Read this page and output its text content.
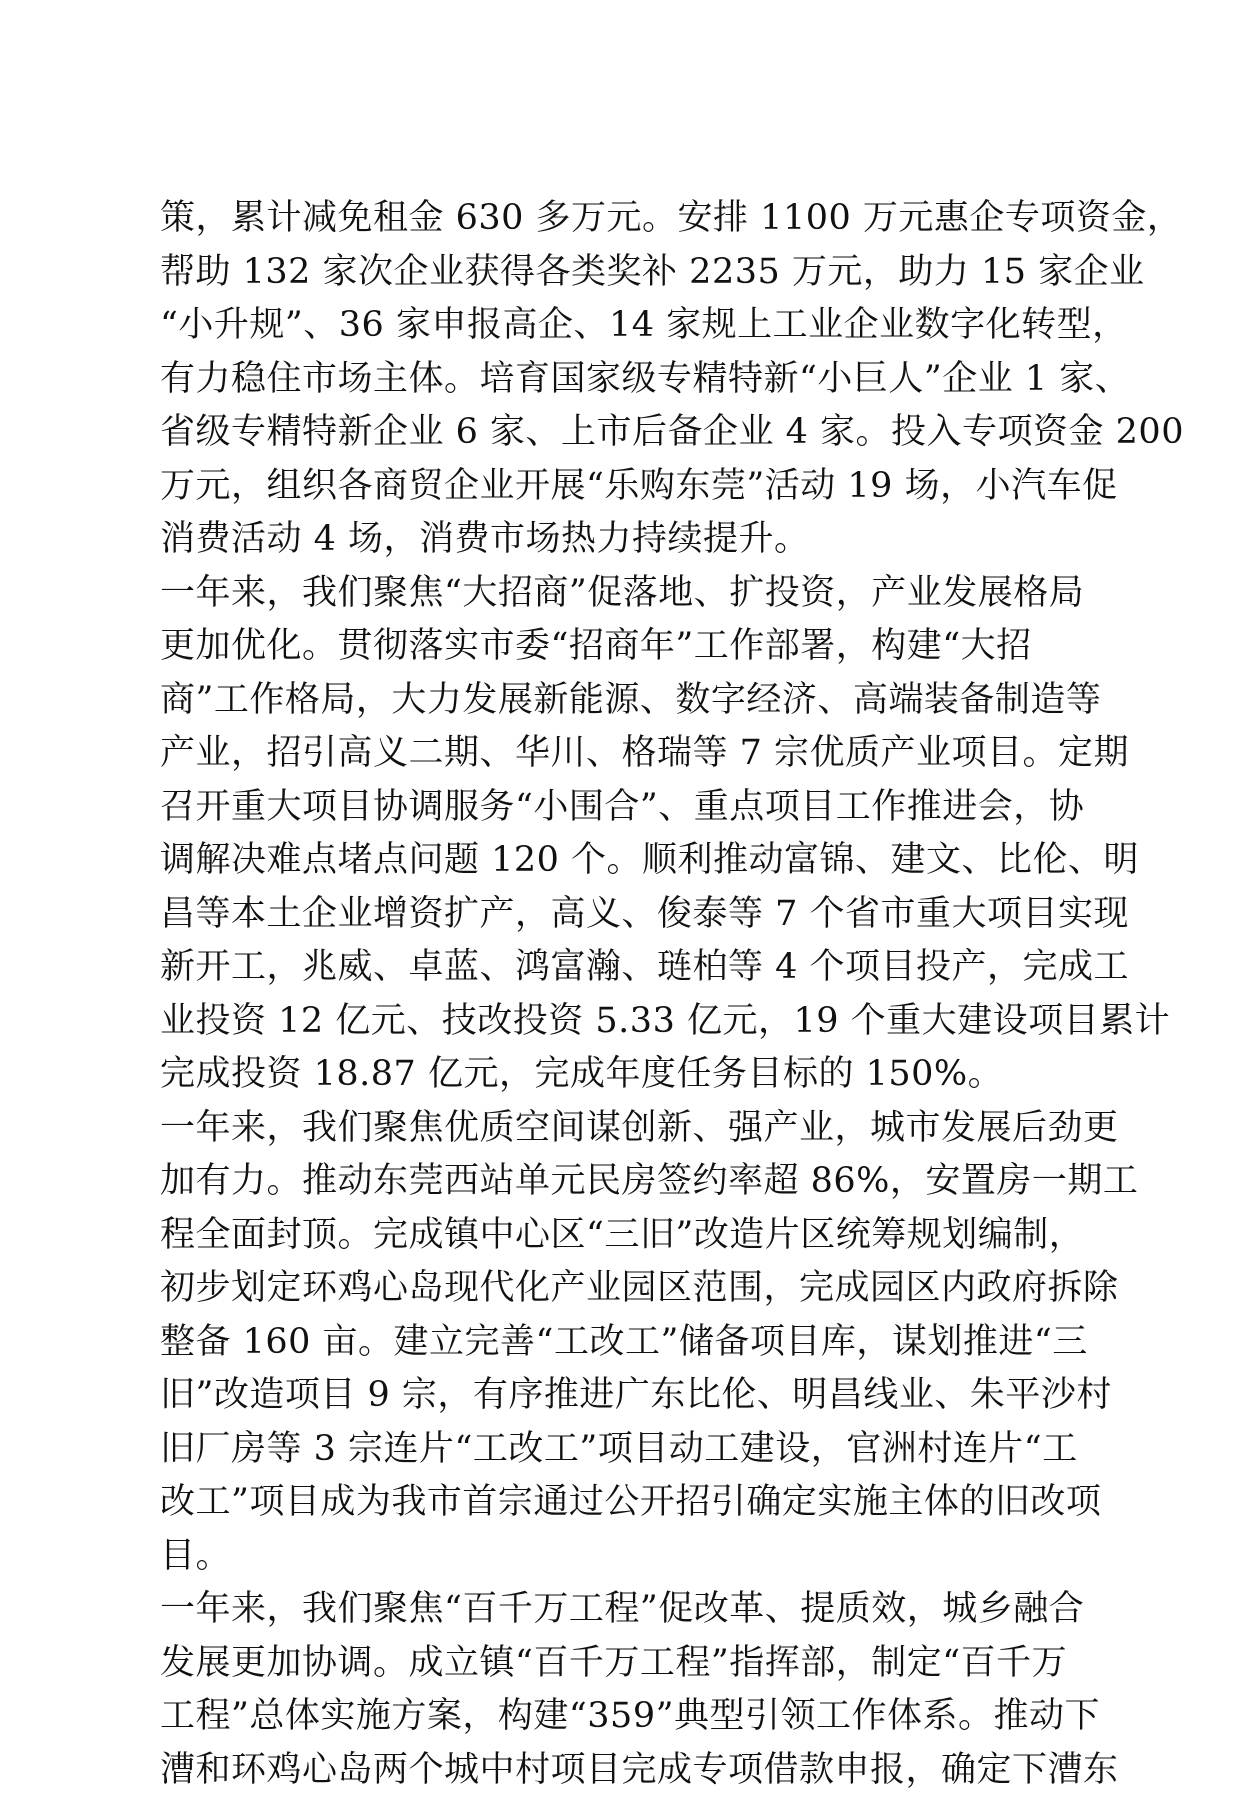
策，累计减免租金 630 多万元。安排 1100 万元惠企专项资金，
帮助 132 家次企业获得各类奖补 2235 万元，助力 15 家企业
“小升规”、36 家申报高企、14 家规上工业企业数字化转型，
有力稳住市场主体。培育国家级专精特新“小巨人”企业 1 家、
省级专精特新企业 6 家、上市后备企业 4 家。投入专项资金 200
万元，组织各商贸企业开展“乐购东莞”活动 19 场，小汽车促
消费活动 4 场，消费市场热力持续提升。
一年来，我们聚焦“大招商”促落地、扩投资，产业发展格局
更加优化。贯彻落实市委“招商年”工作部署，构建“大招
商”工作格局，大力发展新能源、数字经济、高端装备制造等
产业，招引高义二期、华川、格瑞等 7 宗优质产业项目。定期
召开重大项目协调服务“小围合”、重点项目工作推进会，协
调解决难点堵点问题 120 个。顺利推动富锦、建文、比伦、明
昌等本土企业增资扩产，高义、俊泰等 7 个省市重大项目实现
新开工，兆威、卓蓝、鸿富瀚、琏柏等 4 个项目投产，完成工
业投资 12 亿元、技改投资 5.33 亿元，19 个重大建设项目累计
完成投资 18.87 亿元，完成年度任务目标的 150%。
一年来，我们聚焦优质空间谋创新、强产业，城市发展后劲更
加有力。推动东莞西站单元民房签约率超 86%，安置房一期工
程全面封顶。完成镇中心区“三旧”改造片区统筹规划编制，
初步划定环鸡心岛现代化产业园区范围，完成园区内政府拆除
整备 160 亩。建立完善“工改工”储备项目库，谋划推进“三
旧”改造项目 9 宗，有序推进广东比伦、明昌线业、朱平沙村
旧厂房等 3 宗连片“工改工”项目动工建设，官洲村连片“工
改工”项目成为我市首宗通过公开招引确定实施主体的旧改项
目。
一年来，我们聚焦“百千万工程”促改革、提质效，城乡融合
发展更加协调。成立镇“百千万工程”指挥部，制定“百千万
工程”总体实施方案，构建“359”典型引领工作体系。推动下
漕和环鸡心岛两个城中村项目完成专项借款申报，确定下漕东
